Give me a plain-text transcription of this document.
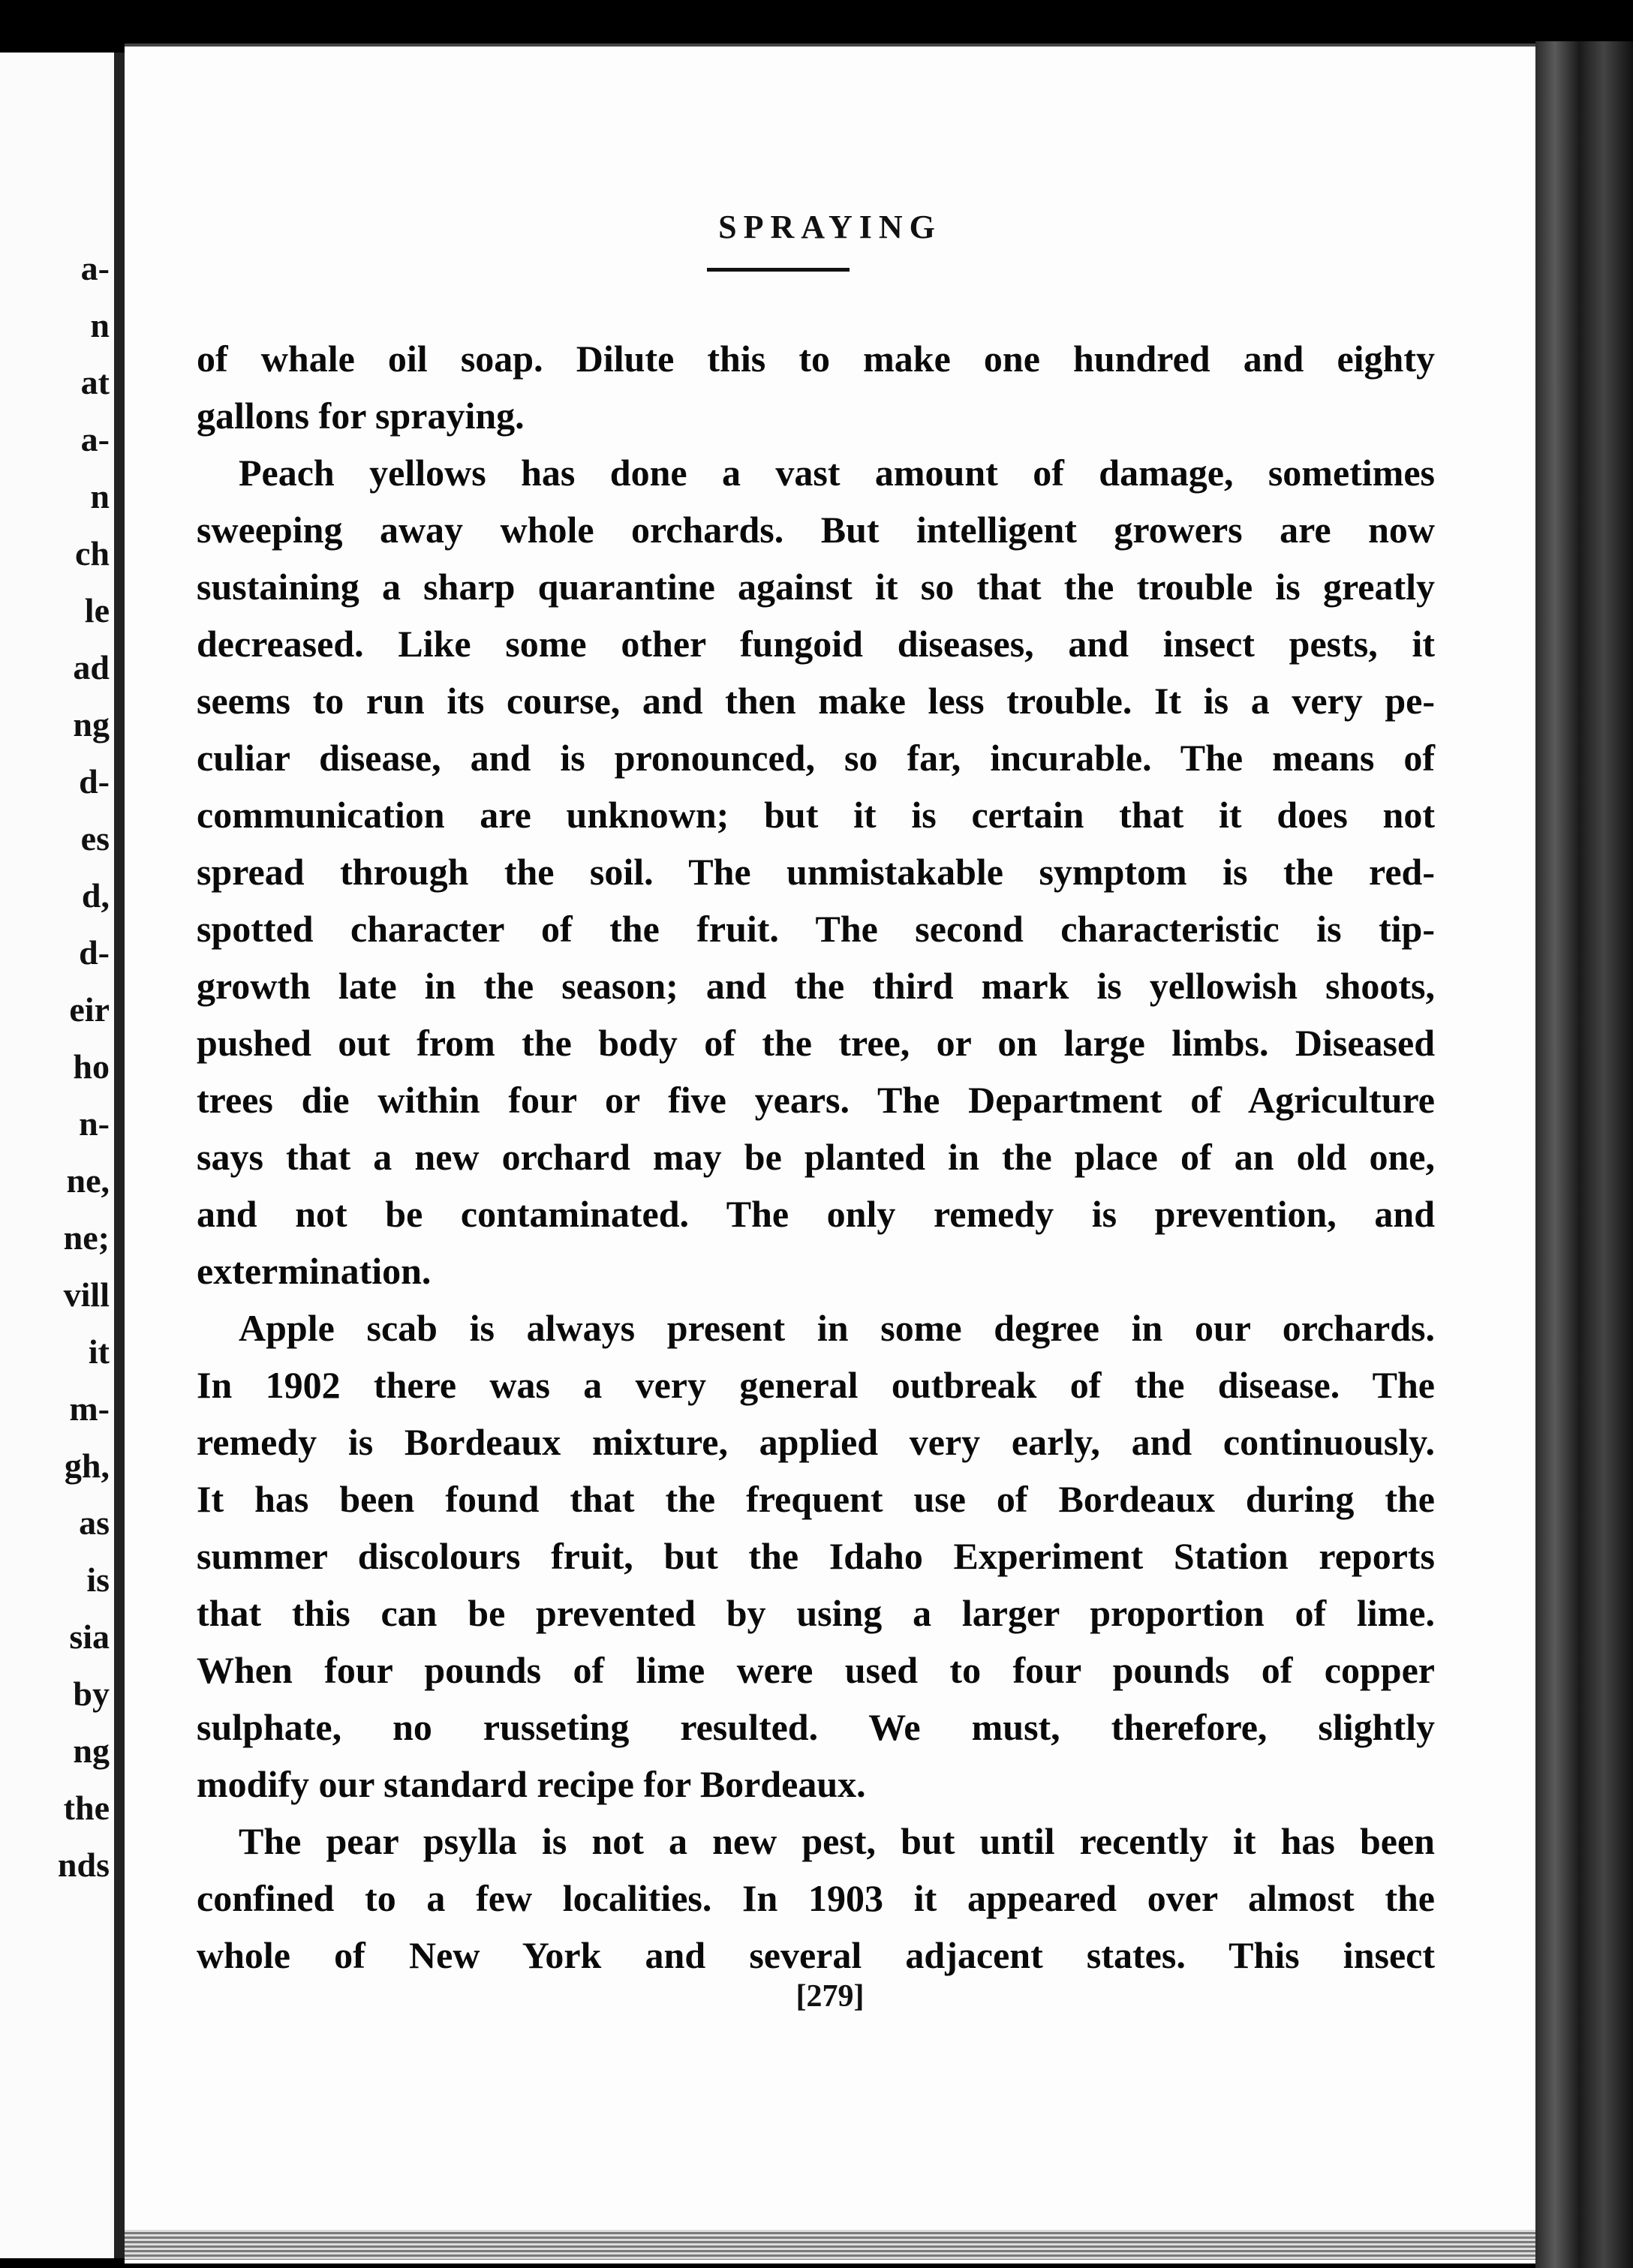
a-
n
at
a-
n
ch
le
ad
ng
d-
es
d,
d-
eir
ho
n-
ne,
ne;
vill
it
m-
gh,
as
is
sia
by
ng
the
nds
SPRAYING

of whale oil soap. Dilute this to make one hundred and eighty
gallons for spraying.

Peach yellows has done a vast amount of damage, sometimes
sweeping away whole orchards. But intelligent growers are now
sustaining a sharp quarantine against it so that the trouble is greatly
decreased. Like some other fungoid diseases, and insect pests, it
seems to run its course, and then make less trouble. It is a very pe-
culiar disease, and is pronounced, so far, incurable. The means of
communication are unknown; but it is certain that it does not
spread through the soil. The unmistakable symptom is the red-
spotted character of the fruit. The second characteristic is tip-
growth late in the season; and the third mark is yellowish shoots,
pushed out from the body of the tree, or on large limbs. Diseased
trees die within four or five years. The Department of Agriculture
says that a new orchard may be planted in the place of an old one,
and not be contaminated. The only remedy is prevention, and
extermination.

Apple scab is always present in some degree in our orchards.
In 1902 there was a very general outbreak of the disease. The
remedy is Bordeaux mixture, applied very early, and continuously.
It has been found that the frequent use of Bordeaux during the
summer discolours fruit, but the Idaho Experiment Station reports
that this can be prevented by using a larger proportion of lime.
When four pounds of lime were used to four pounds of copper
sulphate, no russeting resulted. We must, therefore, slightly
modify our standard recipe for Bordeaux.

The pear psylla is not a new pest, but until recently it has been
confined to a few localities. In 1903 it appeared over almost the
whole of New York and several adjacent states. This insect

[279]
